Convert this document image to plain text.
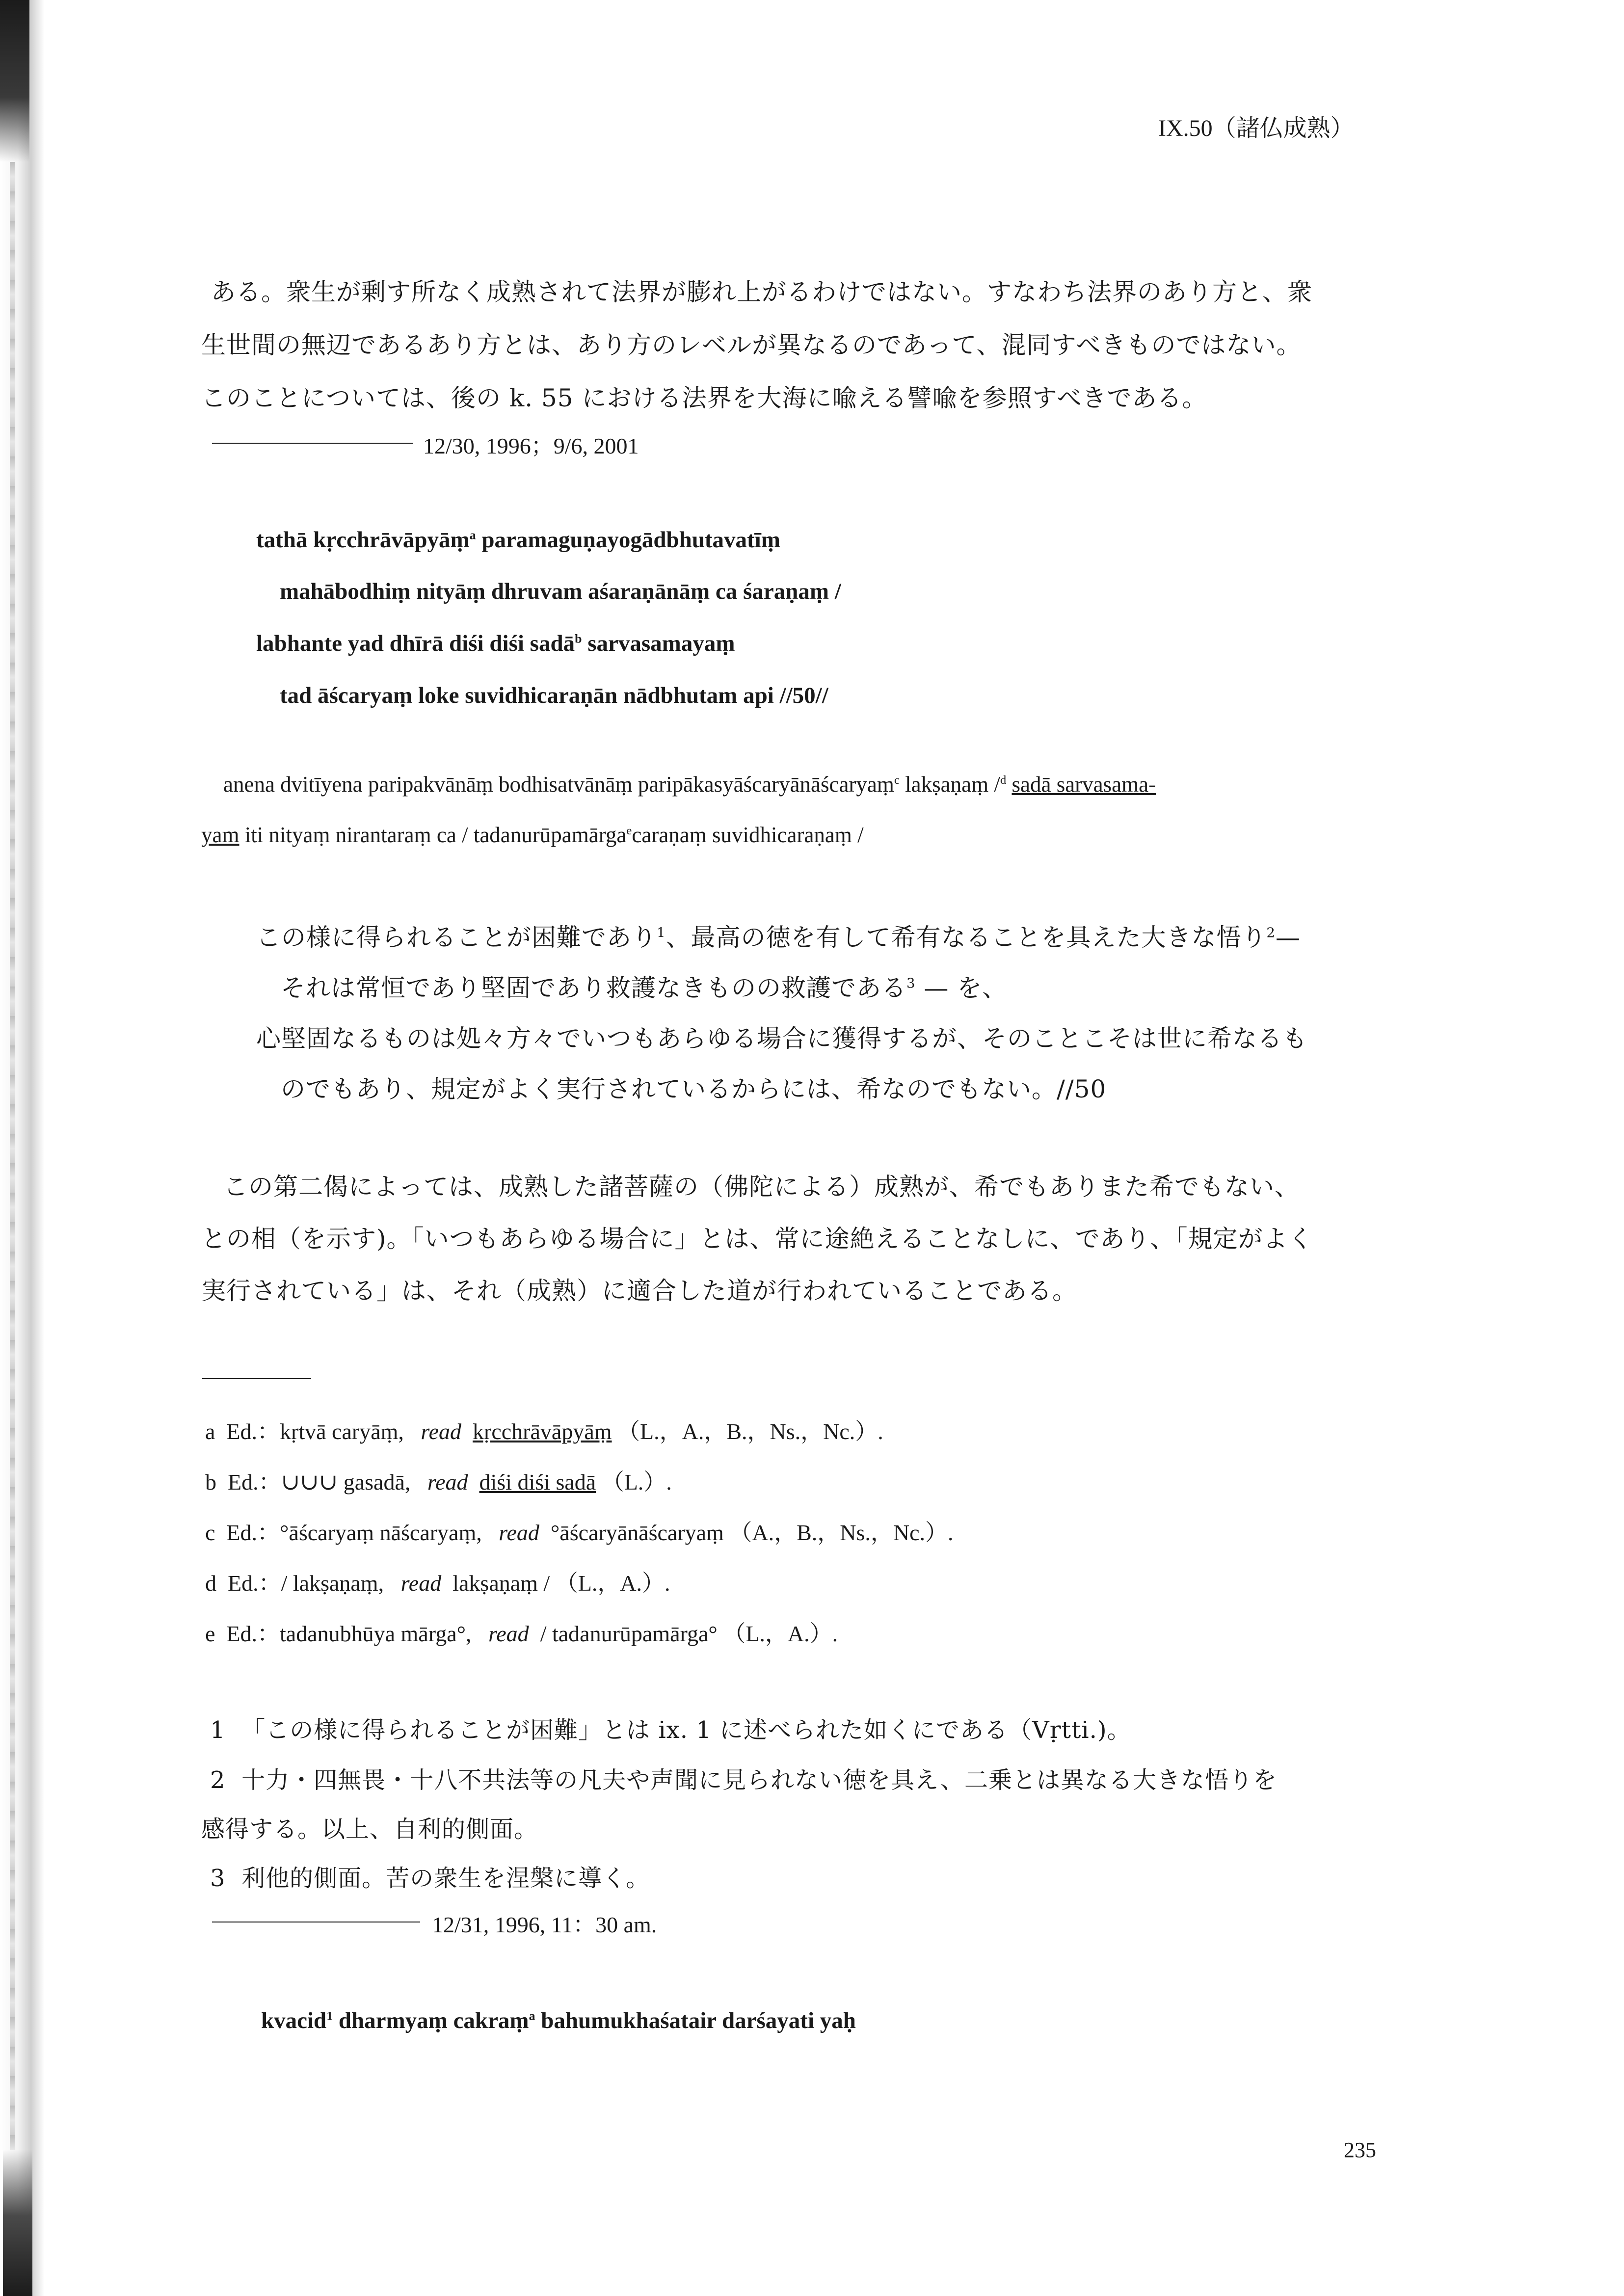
IX.50（諸仏成熟）
ある。衆生が剰す所なく成熟されて法界が膨れ上がるわけではない。すなわち法界のあり方と、衆
生世間の無辺であるあり方とは、あり方のレベルが異なるのであって、混同すべきものではない。
このことについては、後の k. 55 における法界を大海に喩える譬喩を参照すべきである。
12/30, 1996；9/6, 2001
tathā kṛcchrāvāpyāṃ$^a$ paramaguṇayogādbhutavatīṃ
mahābodhiṃ nityāṃ dhruvam aśaraṇānāṃ ca śaraṇaṃ /
labhante yad dhīrā diśi diśi sadā$^b$ sarvasamayaṃ
tad āścaryaṃ loke suvidhicaraṇān nādbhutam api //50//
anena dvitīyena paripakvānāṃ bodhisatvānāṃ paripākasyāścaryānāścaryaṃ$^c$ lakṣaṇaṃ /$^d$ sadā sarvasama-
yam iti nityaṃ nirantaraṃ ca / tadanurūpamārga$^e$caraṇaṃ suvidhicaraṇaṃ /
この様に得られることが困難であり$^1$、最高の徳を有して希有なることを具えた大きな悟り$^2$—
それは常恒であり堅固であり救護なきものの救護である$^3$ — を、
心堅固なるものは処々方々でいつもあらゆる場合に獲得するが、そのことこそは世に希なるも
のでもあり、規定がよく実行されているからには、希なのでもない。//50
この第二偈によっては、成熟した諸菩薩の（佛陀による）成熟が、希でもありまた希でもない、
との相（を示す)。「いつもあらゆる場合に」とは、常に途絶えることなしに、であり、「規定がよく
実行されている」は、それ（成熟）に適合した道が行われていることである。
a Ed.：kṛtvā caryāṃ, read kṛcchrāvāpyāṃ （L.，A.，B.，Ns.，Nc.）.
b Ed.：∪∪∪ gasadā, read diśi diśi sadā （L.）.
c Ed.：°āścaryaṃ nāścaryaṃ, read °āścaryānāścaryaṃ （A.，B.，Ns.，Nc.）.
d Ed.：/ lakṣaṇaṃ, read lakṣaṇaṃ / （L.，A.）.
e Ed.：tadanubhūya mārga°, read / tadanurūpamārga° （L.，A.）.
1 「この様に得られることが困難」とは ix. 1 に述べられた如くにである（Vṛtti.)。
2 十力・四無畏・十八不共法等の凡夫や声聞に見られない徳を具え、二乗とは異なる大きな悟りを
感得する。以上、自利的側面。
3 利他的側面。苦の衆生を涅槃に導く。
12/31, 1996, 11：30 am.
kvacid$^1$ dharmyaṃ cakraṃ$^a$ bahumukhaśatair darśayati yaḥ
235
